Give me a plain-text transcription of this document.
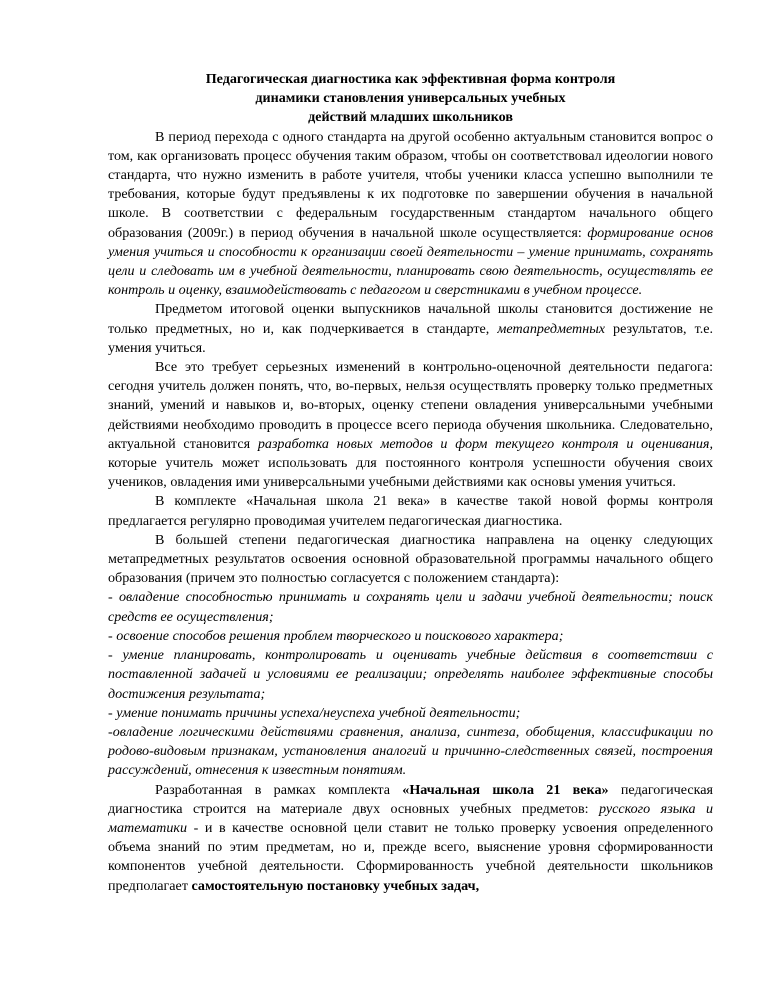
Педагогическая диагностика как эффективная форма контроля
динамики становления универсальных учебных
действий младших школьников

В период перехода с одного стандарта на другой особенно актуальным становится вопрос о том, как организовать процесс обучения таким образом, чтобы он соответствовал идеологии нового стандарта, что нужно изменить в работе учителя, чтобы ученики класса успешно выполнили те требования, которые будут предъявлены к их подготовке по завершении обучения в начальной школе. В соответствии с федеральным государственным стандартом начального общего образования (2009г.) в период обучения в начальной школе осуществляется: формирование основ умения учиться и способности к организации своей деятельности – умение принимать, сохранять цели и следовать им в учебной деятельности, планировать свою деятельность, осуществлять ее контроль и оценку, взаимодействовать с педагогом и сверстниками в учебном процессе.

Предметом итоговой оценки выпускников начальной школы становится достижение не только предметных, но и, как подчеркивается в стандарте, метапредметных результатов, т.е. умения учиться.

Все это требует серьезных изменений в контрольно-оценочной деятельности педагога: сегодня учитель должен понять, что, во-первых, нельзя осуществлять проверку только предметных знаний, умений и навыков и, во-вторых, оценку степени овладения универсальными учебными действиями необходимо проводить в процессе всего периода обучения школьника. Следовательно, актуальной становится разработка новых методов и форм текущего контроля и оценивания, которые учитель может использовать для постоянного контроля успешности обучения своих учеников, овладения ими универсальными учебными действиями как основы умения учиться.

В комплекте «Начальная школа 21 века» в качестве такой новой формы контроля предлагается регулярно проводимая учителем педагогическая диагностика.

В большей степени педагогическая диагностика направлена на оценку следующих метапредметных результатов освоения основной образовательной программы начального общего образования (причем это полностью согласуется с положением стандарта):

- овладение способностью принимать и сохранять цели и задачи учебной деятельности; поиск средств ее осуществления;

- освоение способов решения проблем творческого и поискового характера;

- умение планировать, контролировать и оценивать учебные действия в соответствии с поставленной задачей и условиями ее реализации; определять наиболее эффективные способы достижения результата;

- умение понимать причины успеха/неуспеха учебной деятельности;

-овладение логическими действиями сравнения, анализа, синтеза, обобщения, классификации по родово-видовым признакам, установления аналогий и причинно-следственных связей, построения рассуждений, отнесения к известным понятиям.

Разработанная в рамках комплекта «Начальная школа 21 века» педагогическая диагностика строится на материале двух основных учебных предметов: русского языка и математики - и в качестве основной цели ставит не только проверку усвоения определенного объема знаний по этим предметам, но и, прежде всего, выяснение уровня сформированности компонентов учебной деятельности. Сформированность учебной деятельности школьников предполагает самостоятельную постановку учебных задач,
